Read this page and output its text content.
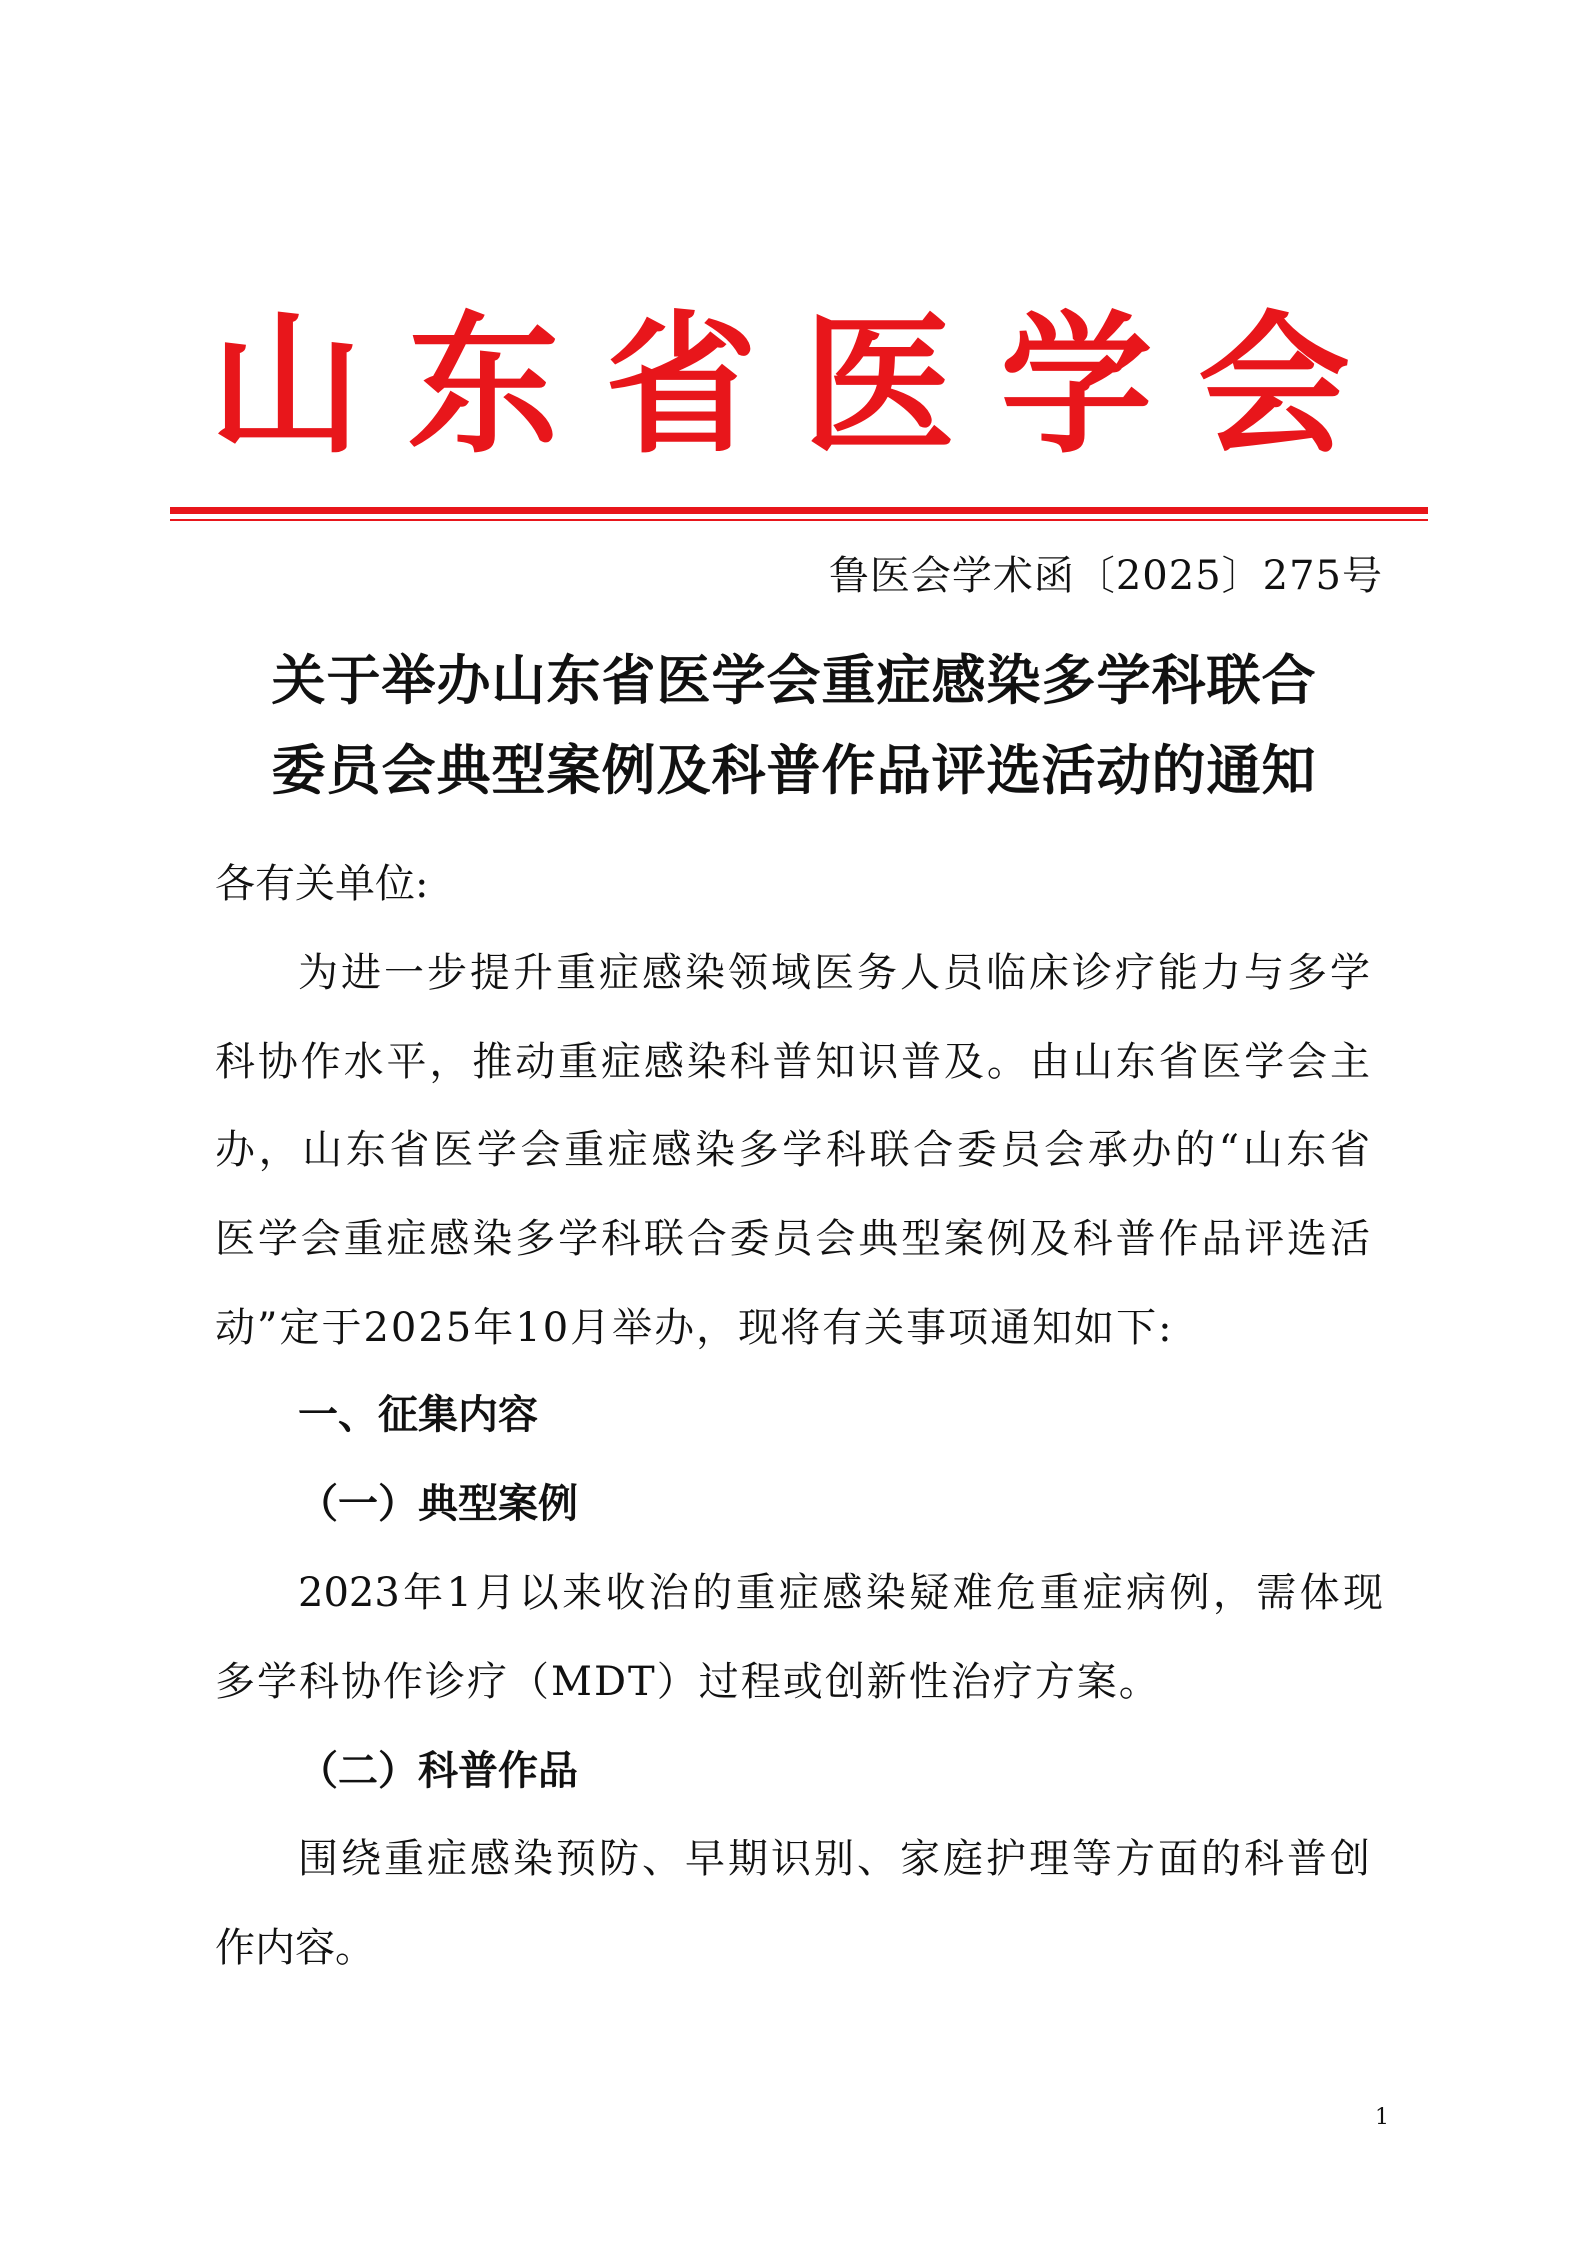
山 东 省 医 学 会
鲁医会学术函〔2025〕275号
关于举办山东省医学会重症感染多学科联合
委员会典型案例及科普作品评选活动的通知
各有关单位:
为进一步提升重症感染领域医务人员临床诊疗能力与多学
科协作水平，推动重症感染科普知识普及。由山东省医学会主
办，山东省医学会重症感染多学科联合委员会承办的“山东省
医学会重症感染多学科联合委员会典型案例及科普作品评选活
动”定于2025年10月举办，现将有关事项通知如下:
一、征集内容
（一）典型案例
2023年1月以来收治的重症感染疑难危重症病例，需体现
多学科协作诊疗（MDT）过程或创新性治疗方案。
（二）科普作品
围绕重症感染预防、早期识别、家庭护理等方面的科普创
作内容。
1
